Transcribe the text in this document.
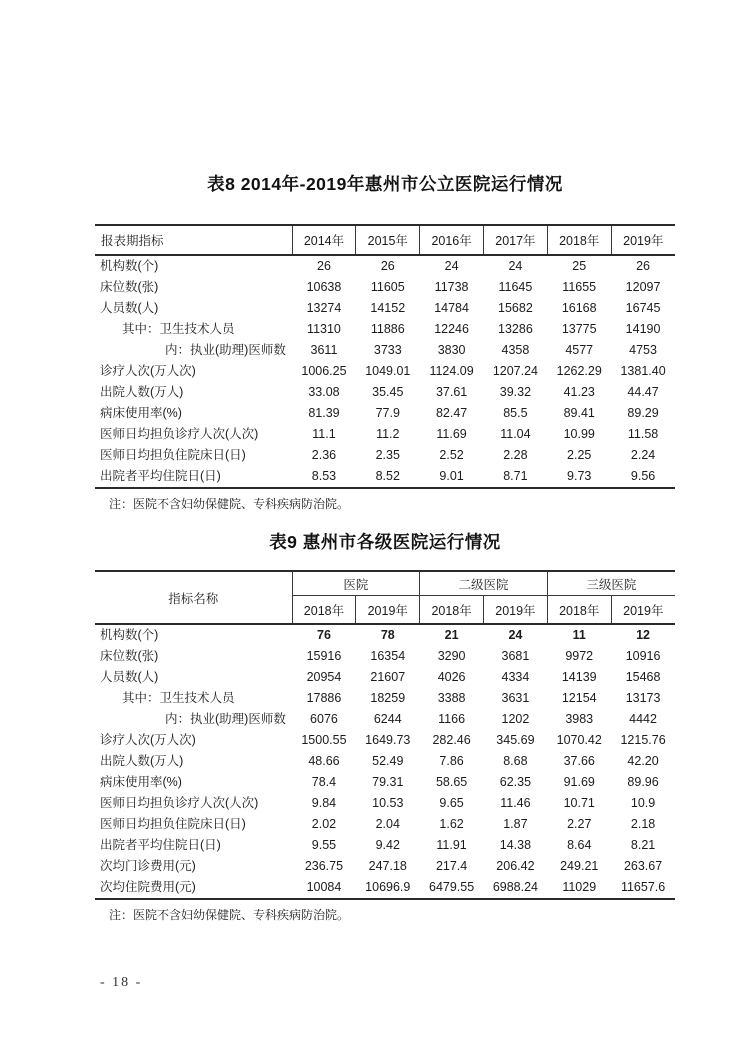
表8 2014年-2019年惠州市公立医院运行情况
报表期指标	2014年	2015年	2016年	2017年	2018年	2019年
机构数(个)	26	26	24	24	25	26
床位数(张)	10638	11605	11738	11645	11655	12097
人员数(人)	13274	14152	14784	15682	16168	16745
其中：卫生技术人员	11310	11886	12246	13286	13775	14190
内：执业(助理)医师数	3611	3733	3830	4358	4577	4753
诊疗人次(万人次)	1006.25	1049.01	1124.09	1207.24	1262.29	1381.40
出院人数(万人)	33.08	35.45	37.61	39.32	41.23	44.47
病床使用率(%)	81.39	77.9	82.47	85.5	89.41	89.29
医师日均担负诊疗人次(人次)	11.1	11.2	11.69	11.04	10.99	11.58
医师日均担负住院床日(日)	2.36	2.35	2.52	2.28	2.25	2.24
出院者平均住院日(日)	8.53	8.52	9.01	8.71	9.73	9.56
注：医院不含妇幼保健院、专科疾病防治院。
表9 惠州市各级医院运行情况
指标名称	医院		二级医院		三级医院	
	2018年	2019年	2018年	2019年	2018年	2019年
机构数(个)	76	78	21	24	11	12
床位数(张)	15916	16354	3290	3681	9972	10916
人员数(人)	20954	21607	4026	4334	14139	15468
其中：卫生技术人员	17886	18259	3388	3631	12154	13173
内：执业(助理)医师数	6076	6244	1166	1202	3983	4442
诊疗人次(万人次)	1500.55	1649.73	282.46	345.69	1070.42	1215.76
出院人数(万人)	48.66	52.49	7.86	8.68	37.66	42.20
病床使用率(%)	78.4	79.31	58.65	62.35	91.69	89.96
医师日均担负诊疗人次(人次)	9.84	10.53	9.65	11.46	10.71	10.9
医师日均担负住院床日(日)	2.02	2.04	1.62	1.87	2.27	2.18
出院者平均住院日(日)	9.55	9.42	11.91	14.38	8.64	8.21
次均门诊费用(元)	236.75	247.18	217.4	206.42	249.21	263.67
次均住院费用(元)	10084	10696.9	6479.55	6988.24	11029	11657.6
注：医院不含妇幼保健院、专科疾病防治院。
- 18 -
